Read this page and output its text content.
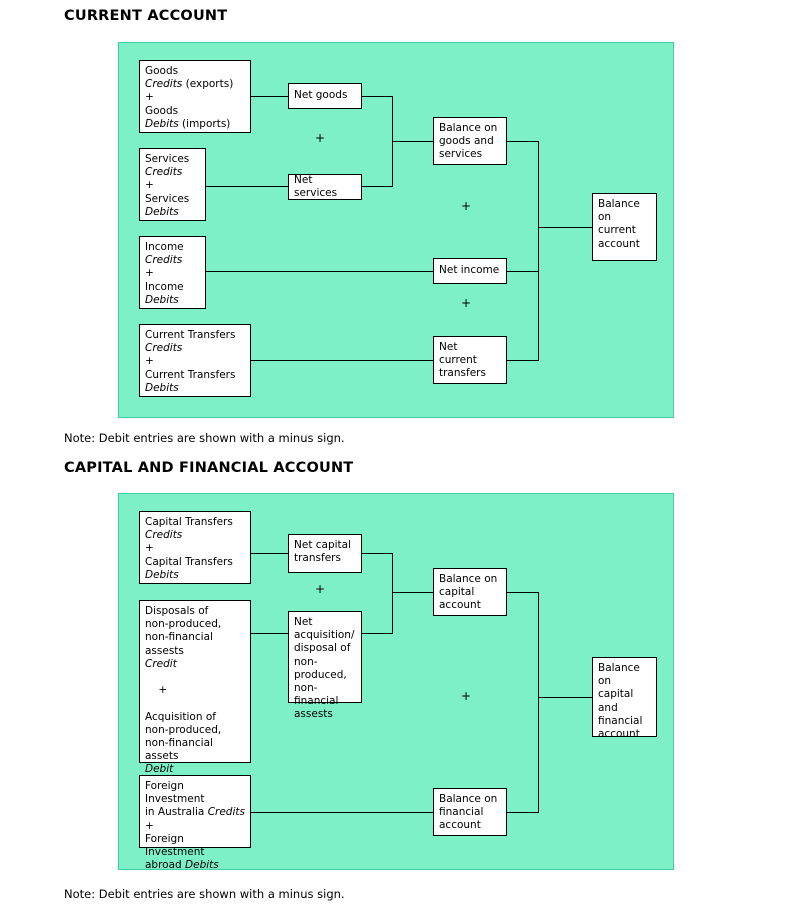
CURRENT ACCOUNT
Goods
Credits (exports)
+
Goods
Debits (imports)
Services
Credits
+
Services
Debits
Income
Credits
+
Income
Debits
Current Transfers
Credits
+
Current Transfers
Debits
Net goods
Net services
Net income
Net
current
transfers
Balance on
goods and
services
Balance
on
current
account
+
+
+
Note: Debit entries are shown with a minus sign.
CAPITAL AND FINANCIAL ACCOUNT
Capital Transfers
Credits
+
Capital Transfers
Debits
Disposals of
non-produced,
non-financial assests
Credit

+

Acquisition of
non-produced,
non-financial assets
Debit
Foreign Investment
in Australia Credits
+
Foreign Investment
abroad Debits
Net capital
transfers
Net
acquisition/
disposal of
non-produced,
non-financial
assests
Balance on
capital
account
Balance on
financial
account
Balance
on
capital
and
financial
account
+
+
Note: Debit entries are shown with a minus sign.
